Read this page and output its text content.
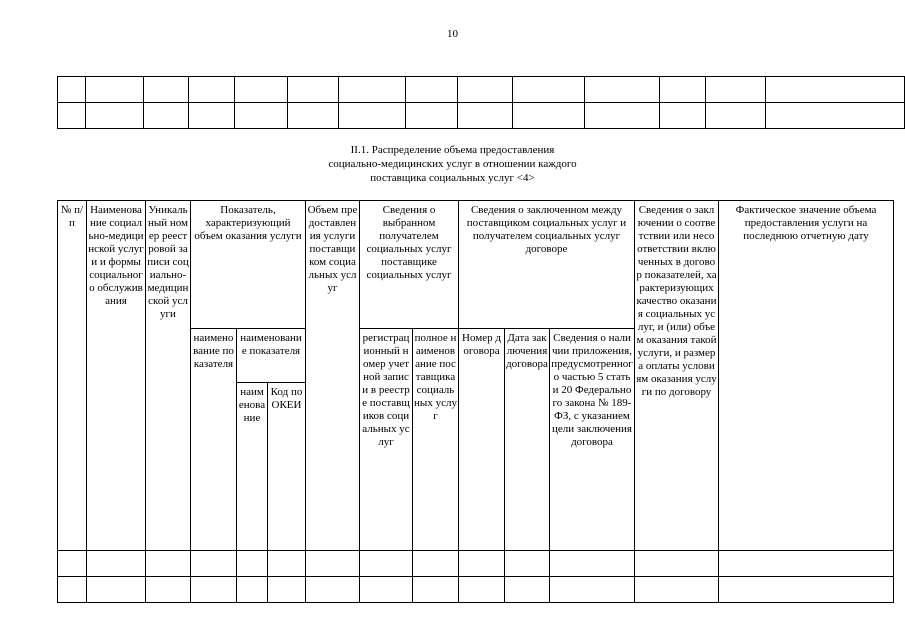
10

II.1. Распределение объема предоставления
социально-медицинских услуг в отношении каждого
поставщика социальных услуг <4>
№ п/п	Наименование социально-медицинской услуги и формы социального обслуживания	Уникальный номер реестровой записи социально-медицинской услуги	Показатель, характеризующий объем оказания услуги			Объем предоставления услуги поставщиком социальных услуг	Сведения о выбранном получателем социальных услуг поставщике социальных услуг		Сведения о заключенном между поставщиком социальных услуг и получателем социальных услуг договоре			Сведения о заключении о соответствии или несоответствии включенных в договор показателей, характеризующих качество оказания социальных услуг, и (или) объем оказания такой услуги, и размера оплаты условиям оказания услуги по договору	Фактическое значение объема предоставления услуги на последнюю отчетную дату
			наименование показателя	наименование показателя			регистрационный номер учетной записи в реестре поставщиков социальных услуг	полное наименование поставщика социальных услуг	Номер договора	Дата заключения договора	Сведения о наличии приложения, предусмотренного частью 5 статьи 20 Федерального закона № 189-ФЗ, с указанием цели заключения договора		
				наименование	Код по ОКЕИ								
